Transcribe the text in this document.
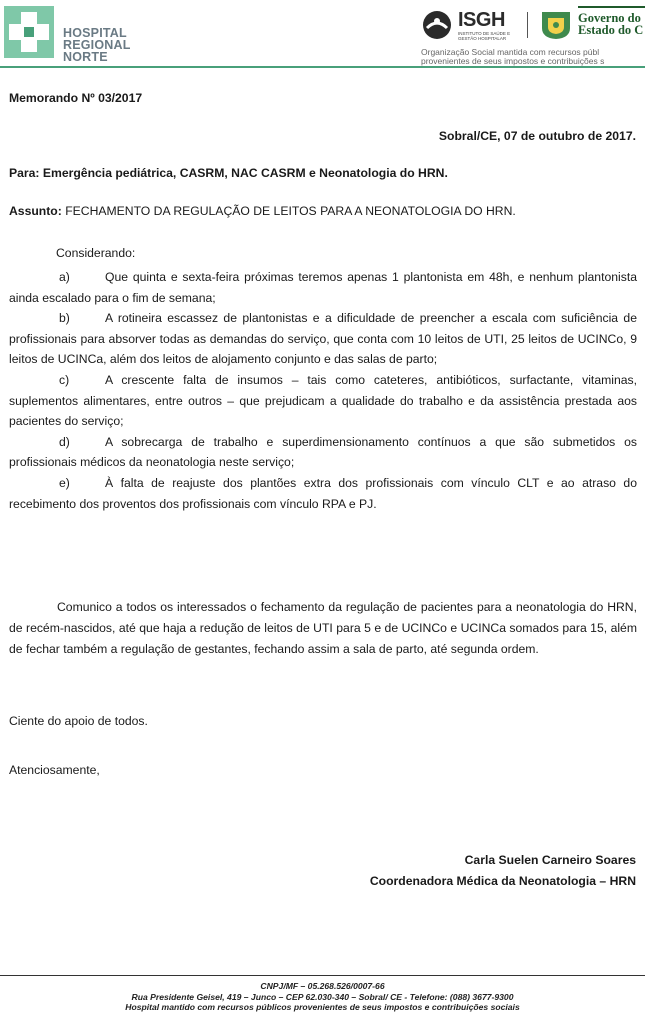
HOSPITAL
REGIONAL
NORTE
ISGH
INSTITUTO DE SAÚDE E GESTÃO HOSPITALAR
Governo do
Estado do C
Organização Social mantida com recursos públ
provenientes de seus impostos e contribuições s
Memorando Nº 03/2017
Sobral/CE, 07 de outubro de 2017.
Para: Emergência pediátrica, CASRM, NAC CASRM e Neonatologia do HRN.
Assunto: FECHAMENTO DA REGULAÇÃO DE LEITOS PARA A NEONATOLOGIA DO HRN.
Considerando:

a)	Que quinta e sexta-feira próximas teremos apenas 1 plantonista em 48h, e nenhum plantonista ainda escalado para o fim de semana;

b)	A rotineira escassez de plantonistas e a dificuldade de preencher a escala com suficiência de profissionais para absorver todas as demandas do serviço, que conta com 10 leitos de UTI, 25 leitos de UCINCo, 9 leitos de UCINCa, além dos leitos de alojamento conjunto e das salas de parto;

c)	A crescente falta de insumos – tais como cateteres, antibióticos, surfactante, vitaminas, suplementos alimentares, entre outros – que prejudicam a qualidade do trabalho e da assistência prestada aos pacientes do serviço;

d)	A sobrecarga de trabalho e superdimensionamento contínuos a que são submetidos os profissionais médicos da neonatologia neste serviço;

e)	À falta de reajuste dos plantões extra dos profissionais com vínculo CLT e ao atraso do recebimento dos proventos dos profissionais com vínculo RPA e PJ.

Comunico a todos os interessados o fechamento da regulação de pacientes para a neonatologia do HRN, de recém-nascidos, até que haja a redução de leitos de UTI para 5 e de UCINCo e UCINCa somados para 15, além de fechar também a regulação de gestantes, fechando assim a sala de parto, até segunda ordem.
Ciente do apoio de todos.
Atenciosamente,
Carla Suelen Carneiro Soares
Coordenadora Médica da Neonatologia – HRN
CNPJ/MF – 05.268.526/0007-66
Rua Presidente Geisel, 419 – Junco – CEP 62.030-340 – Sobral/ CE - Telefone: (088) 3677-9300
Hospital mantido com recursos públicos provenientes de seus impostos e contribuições sociais
